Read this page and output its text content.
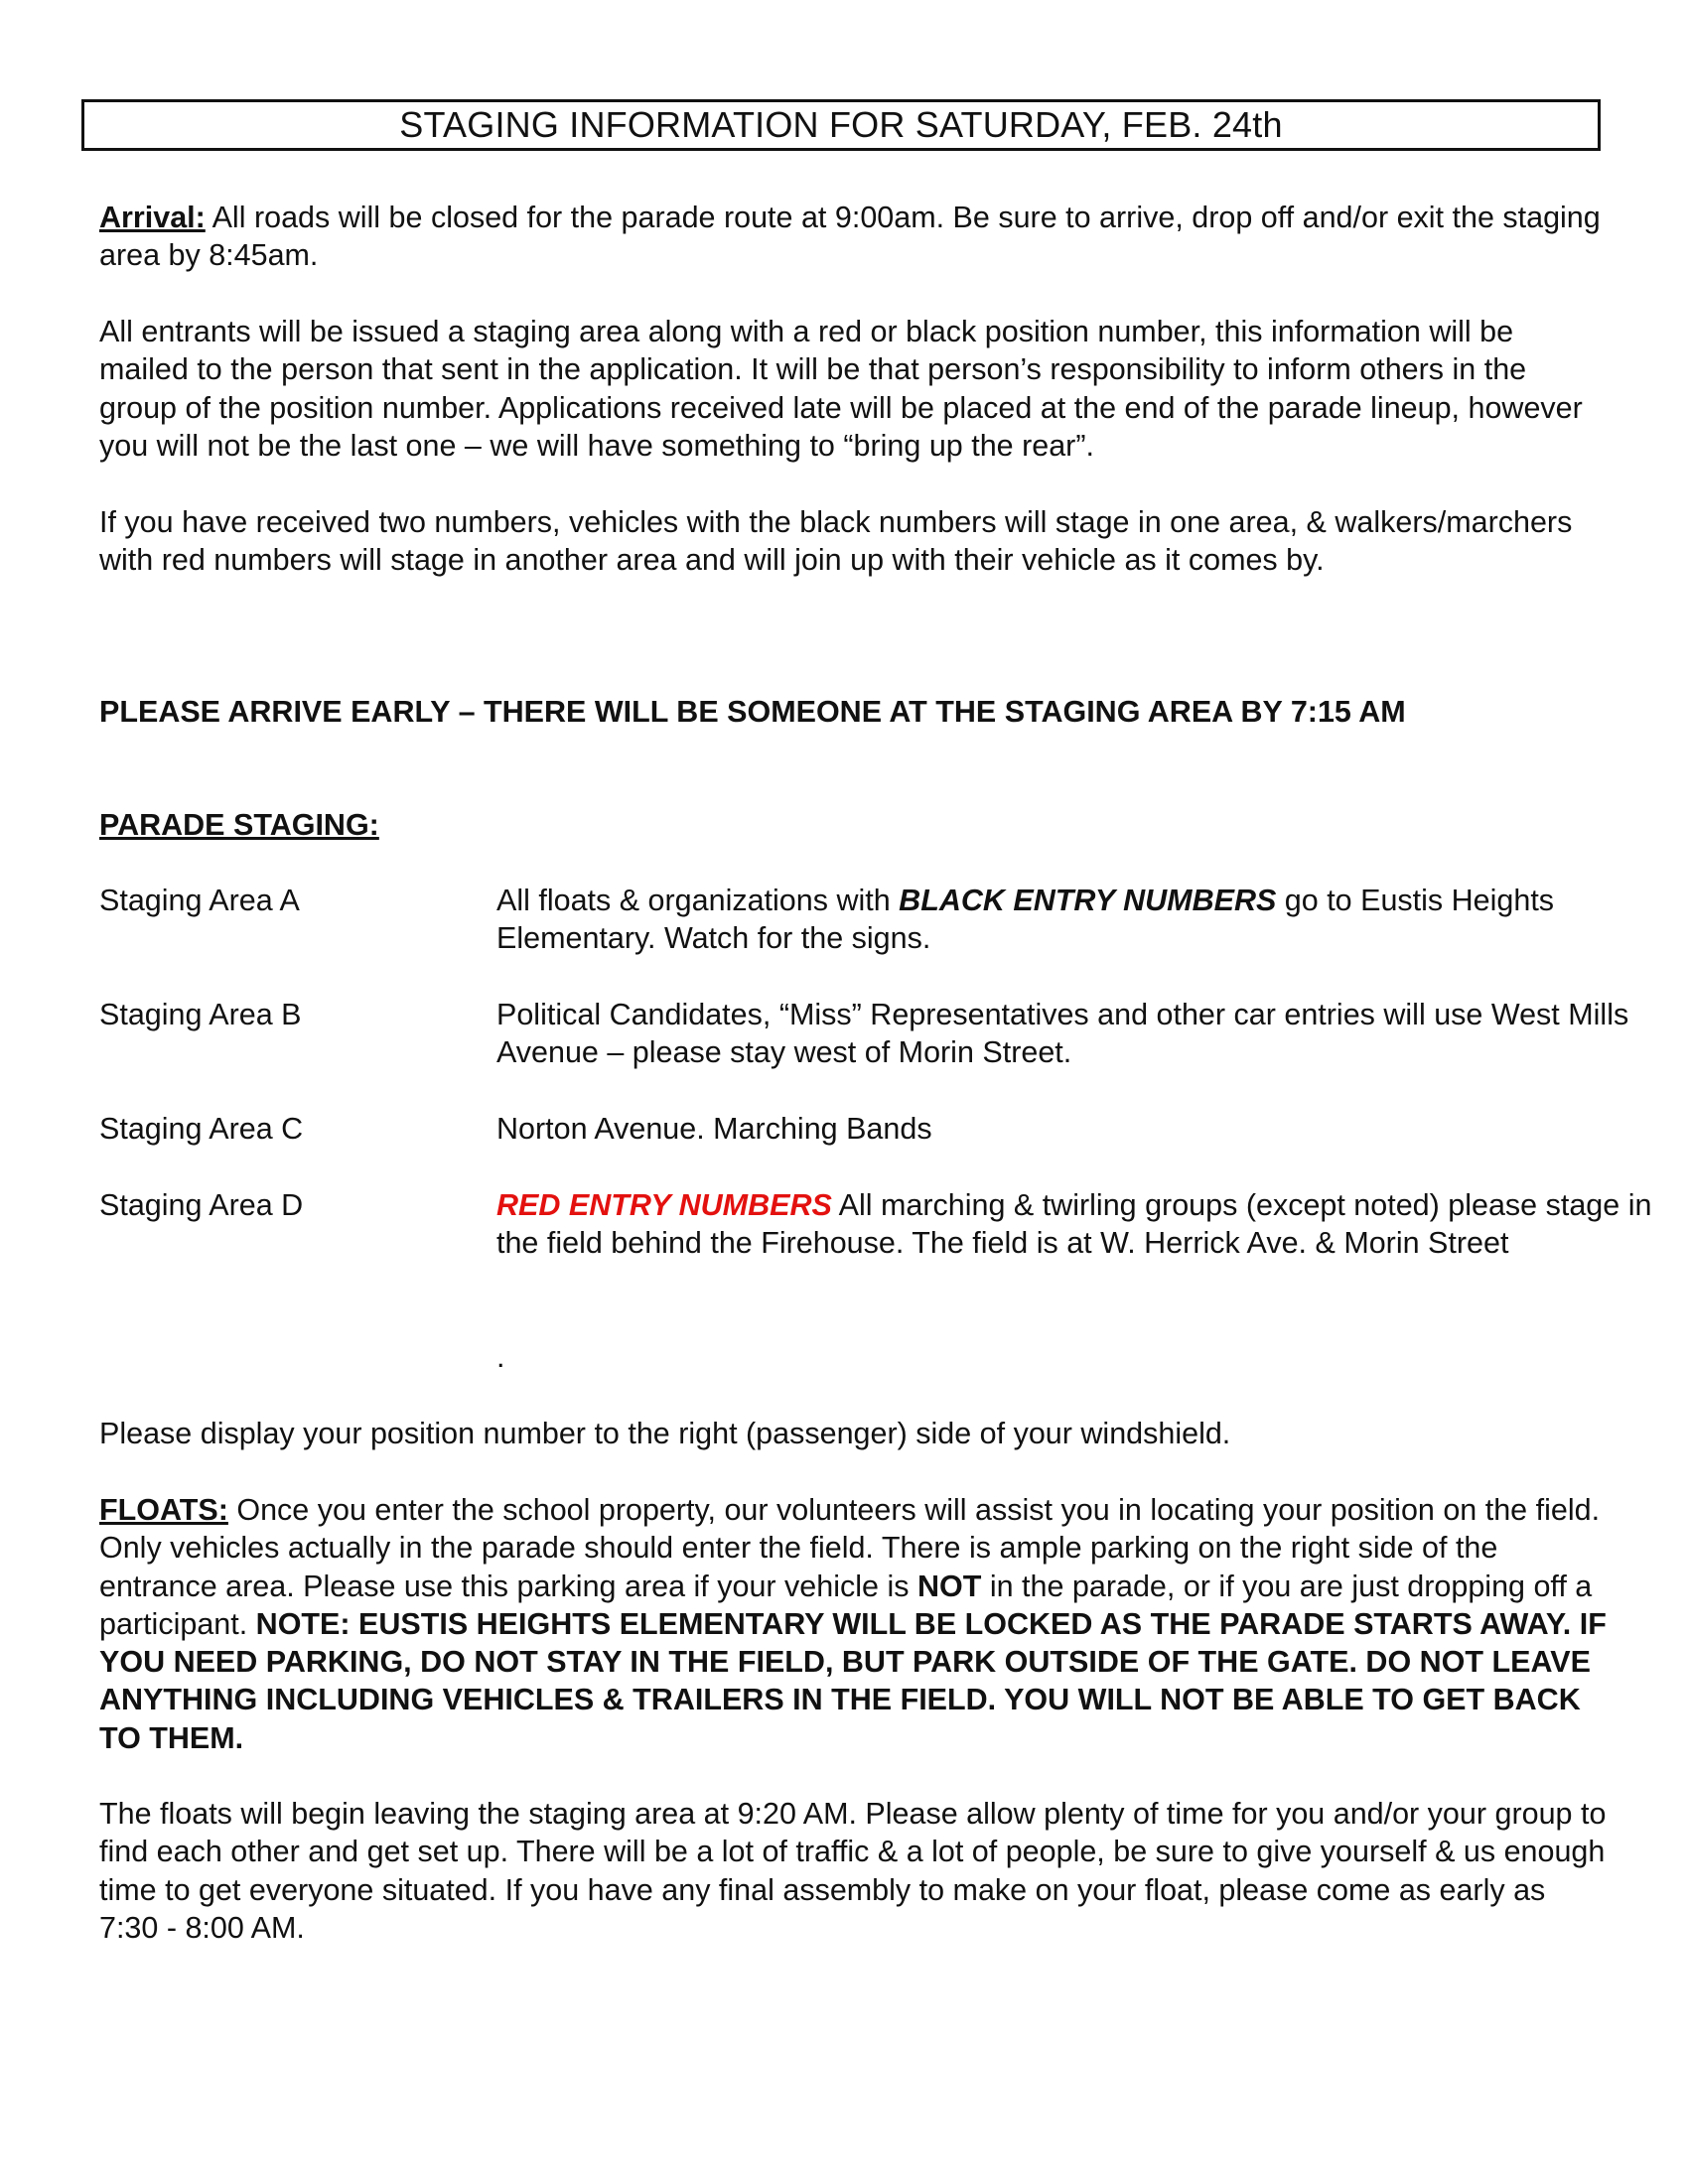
STAGING INFORMATION FOR SATURDAY, FEB. 24th

Arrival: All roads will be closed for the parade route at 9:00am. Be sure to arrive, drop off and/or exit the staging area by 8:45am.

All entrants will be issued a staging area along with a red or black position number, this information will be mailed to the person that sent in the application. It will be that person’s responsibility to inform others in the group of the position number. Applications received late will be placed at the end of the parade lineup, however you will not be the last one – we will have something to “bring up the rear”.

If you have received two numbers, vehicles with the black numbers will stage in one area, & walkers/marchers with red numbers will stage in another area and will join up with their vehicle as it comes by.

PLEASE ARRIVE EARLY – THERE WILL BE SOMEONE AT THE STAGING AREA BY 7:15 AM

PARADE STAGING:

Staging Area A	All floats & organizations with BLACK ENTRY NUMBERS go to Eustis Heights Elementary. Watch for the signs.
Staging Area B	Political Candidates, “Miss” Representatives and other car entries will use West Mills Avenue – please stay west of Morin Street.
Staging Area C	Norton Avenue. Marching Bands
Staging Area D	RED ENTRY NUMBERS All marching & twirling groups (except noted) please stage in the field behind the Firehouse. The field is at W. Herrick Ave. & Morin Street
.

Please display your position number to the right (passenger) side of your windshield.

FLOATS: Once you enter the school property, our volunteers will assist you in locating your position on the field. Only vehicles actually in the parade should enter the field. There is ample parking on the right side of the entrance area. Please use this parking area if your vehicle is NOT in the parade, or if you are just dropping off a participant. NOTE: EUSTIS HEIGHTS ELEMENTARY WILL BE LOCKED AS THE PARADE STARTS AWAY. IF YOU NEED PARKING, DO NOT STAY IN THE FIELD, BUT PARK OUTSIDE OF THE GATE. DO NOT LEAVE ANYTHING INCLUDING VEHICLES & TRAILERS IN THE FIELD. YOU WILL NOT BE ABLE TO GET BACK TO THEM.

The floats will begin leaving the staging area at 9:20 AM. Please allow plenty of time for you and/or your group to find each other and get set up. There will be a lot of traffic & a lot of people, be sure to give yourself & us enough time to get everyone situated. If you have any final assembly to make on your float, please come as early as 7:30 - 8:00 AM.
